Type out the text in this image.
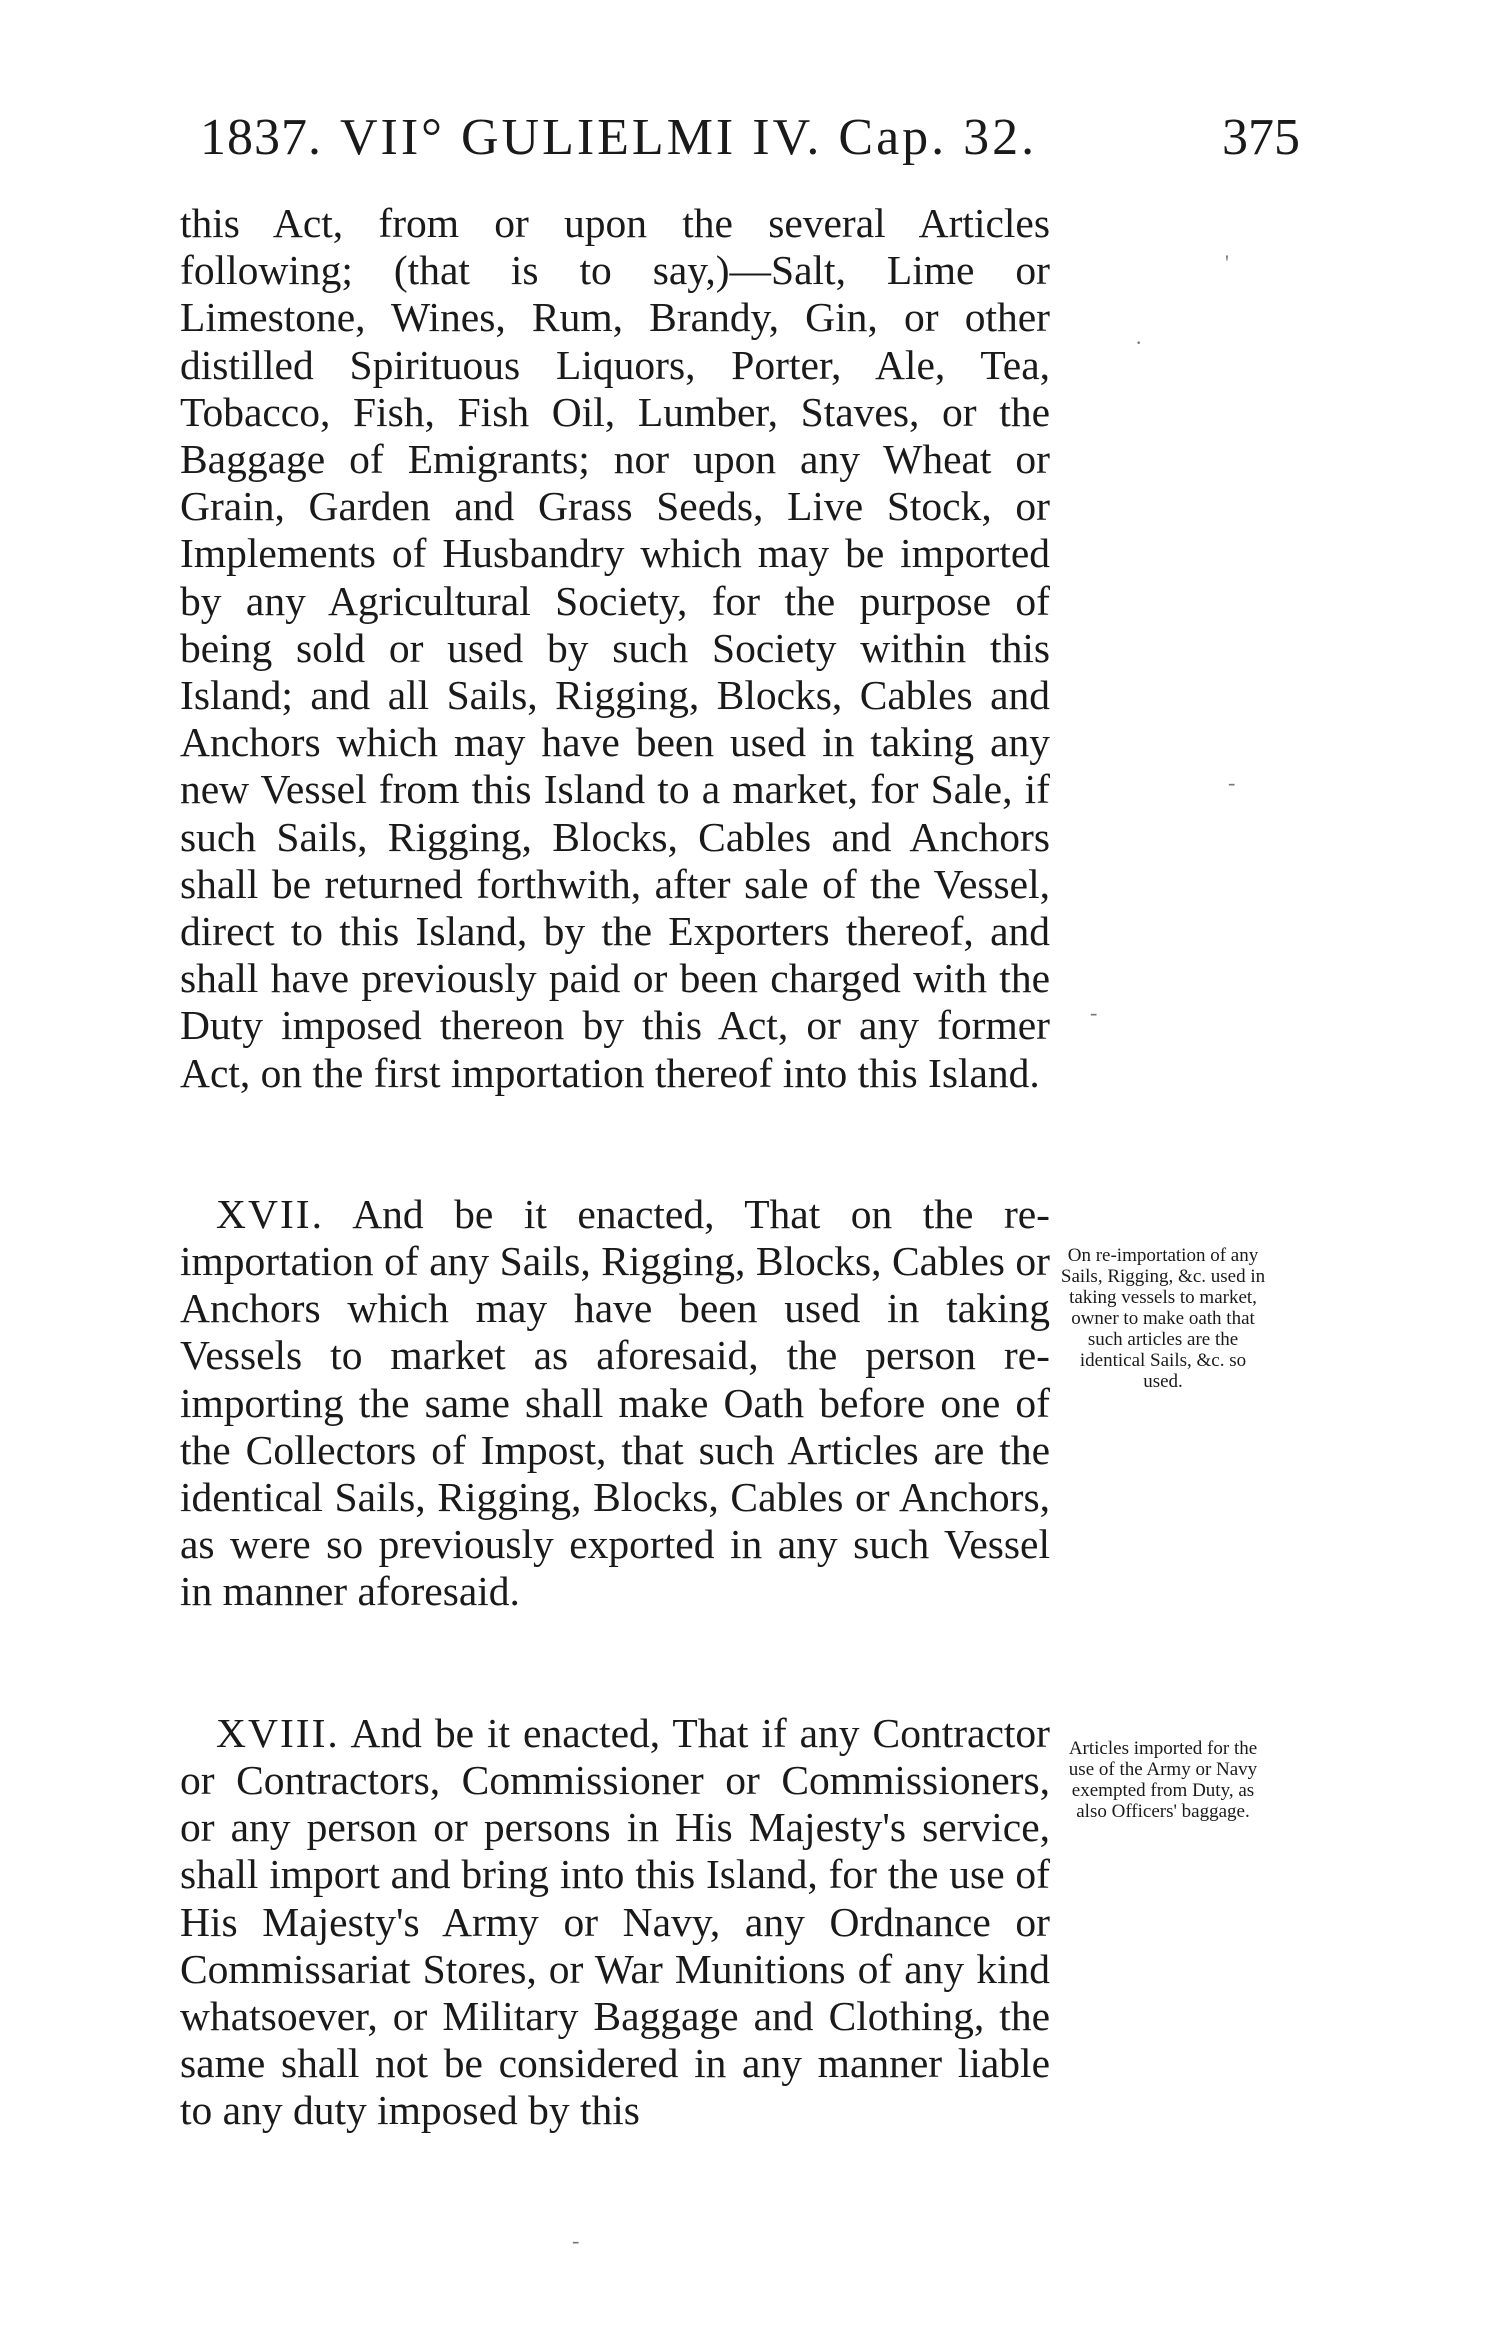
1837. VII° GULIELMI IV. Cap. 32.	375

this Act, from or upon the several Articles following; (that is to say,)—Salt, Lime or Limestone, Wines, Rum, Brandy, Gin, or other distilled Spirituous Liquors, Porter, Ale, Tea, Tobacco, Fish, Fish Oil, Lumber, Staves, or the Baggage of Emigrants; nor upon any Wheat or Grain, Garden and Grass Seeds, Live Stock, or Implements of Husbandry which may be imported by any Agricultural Society, for the purpose of being sold or used by such Society within this Island; and all Sails, Rigging, Blocks, Cables and Anchors which may have been used in taking any new Vessel from this Island to a market, for Sale, if such Sails, Rigging, Blocks, Cables and Anchors shall be returned forthwith, after sale of the Vessel, direct to this Island, by the Exporters thereof, and shall have previously paid or been charged with the Duty imposed thereon by this Act, or any former Act, on the first importation thereof into this Island.

XVII. And be it enacted, That on the re-importation of any Sails, Rigging, Blocks, Cables or Anchors which may have been used in taking Vessels to market as aforesaid, the person re-importing the same shall make Oath before one of the Collectors of Impost, that such Articles are the identical Sails, Rigging, Blocks, Cables or Anchors, as were so previously exported in any such Vessel in manner aforesaid.

XVIII. And be it enacted, That if any Contractor or Contractors, Commissioner or Commissioners, or any person or persons in His Majesty's service, shall import and bring into this Island, for the use of His Majesty's Army or Navy, any Ordnance or Commissariat Stores, or War Munitions of any kind whatsoever, or Military Baggage and Clothing, the same shall not be considered in any manner liable to any duty imposed by this

On re-importation of any Sails, Rigging, &c. used in taking vessels to market, owner to make oath that such articles are the identical Sails, &c. so used.
Articles imported for the use of the Army or Navy exempted from Duty, as also Officers' baggage.
'
·
-
-
-
